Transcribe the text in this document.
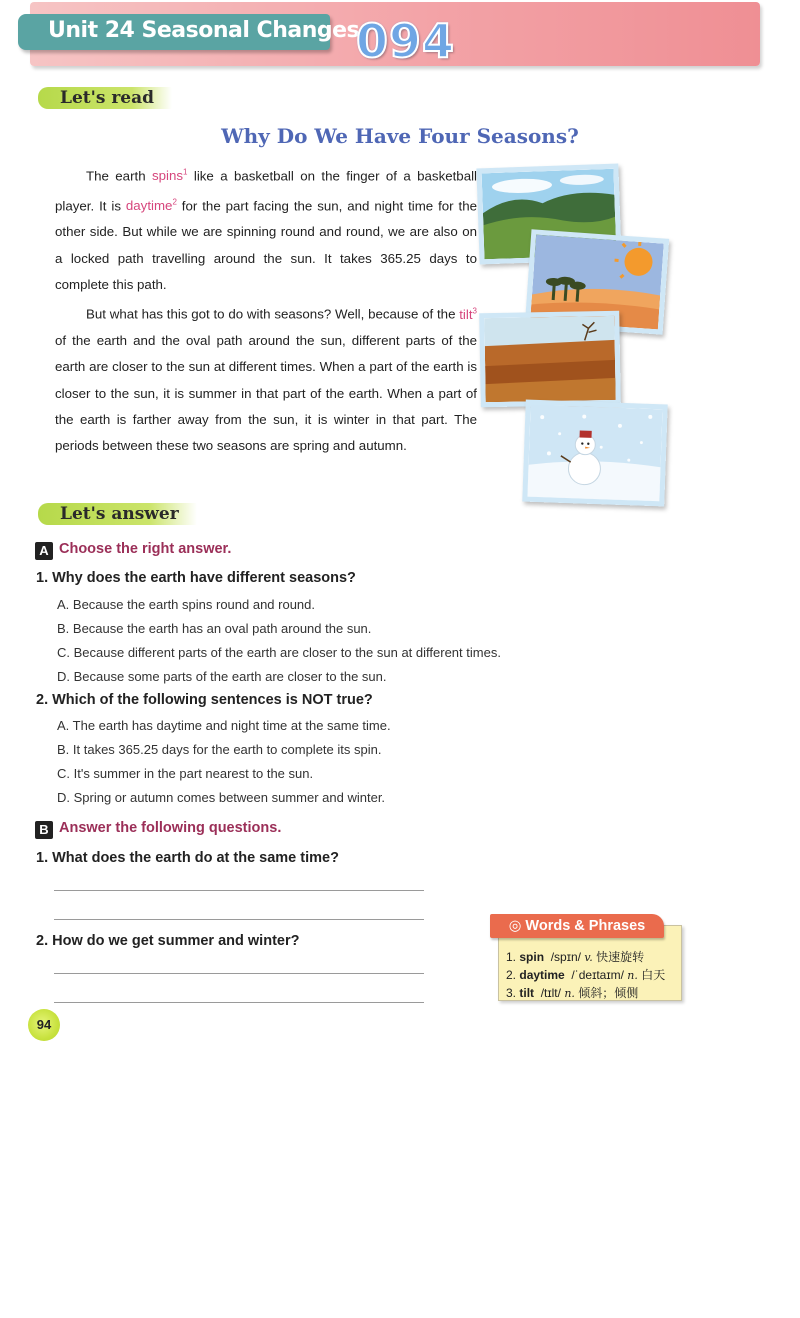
Unit 24 Seasonal Changes
094
Let's read
Why Do We Have Four Seasons?

The earth spins$^1$ like a basketball on the finger of a basketball player. It is daytime$^2$ for the part facing the sun, and night time for the other side. But while we are spinning round and round, we are also on a locked path travelling around the sun. It takes 365.25 days to complete this path.

But what has this got to do with seasons? Well, because of the tilt$^3$ of the earth and the oval path around the sun, different parts of the earth are closer to the sun at different times. When a part of the earth is closer to the sun, it is summer in that part of the earth. When a part of the earth is farther away from the sun, it is winter in that part. The periods between these two seasons are spring and autumn.

Let's answer
A Choose the right answer.
1. Why does the earth have different seasons?
A. Because the earth spins round and round.
B. Because the earth has an oval path around the sun.
C. Because different parts of the earth are closer to the sun at different times.
D. Because some parts of the earth are closer to the sun.
2. Which of the following sentences is NOT true?
A. The earth has daytime and night time at the same time.
B. It takes 365.25 days for the earth to complete its spin.
C. It's summer in the part nearest to the sun.
D. Spring or autumn comes between summer and winter.
B Answer the following questions.
1. What does the earth do at the same time?
2. How do we get summer and winter?
◎ Words & Phrases
1. spin /spɪn/ v. 快速旋转
2. daytime /ˈdeɪtaɪm/ n. 白天
3. tilt /tɪlt/ n. 倾斜；倾侧
94
